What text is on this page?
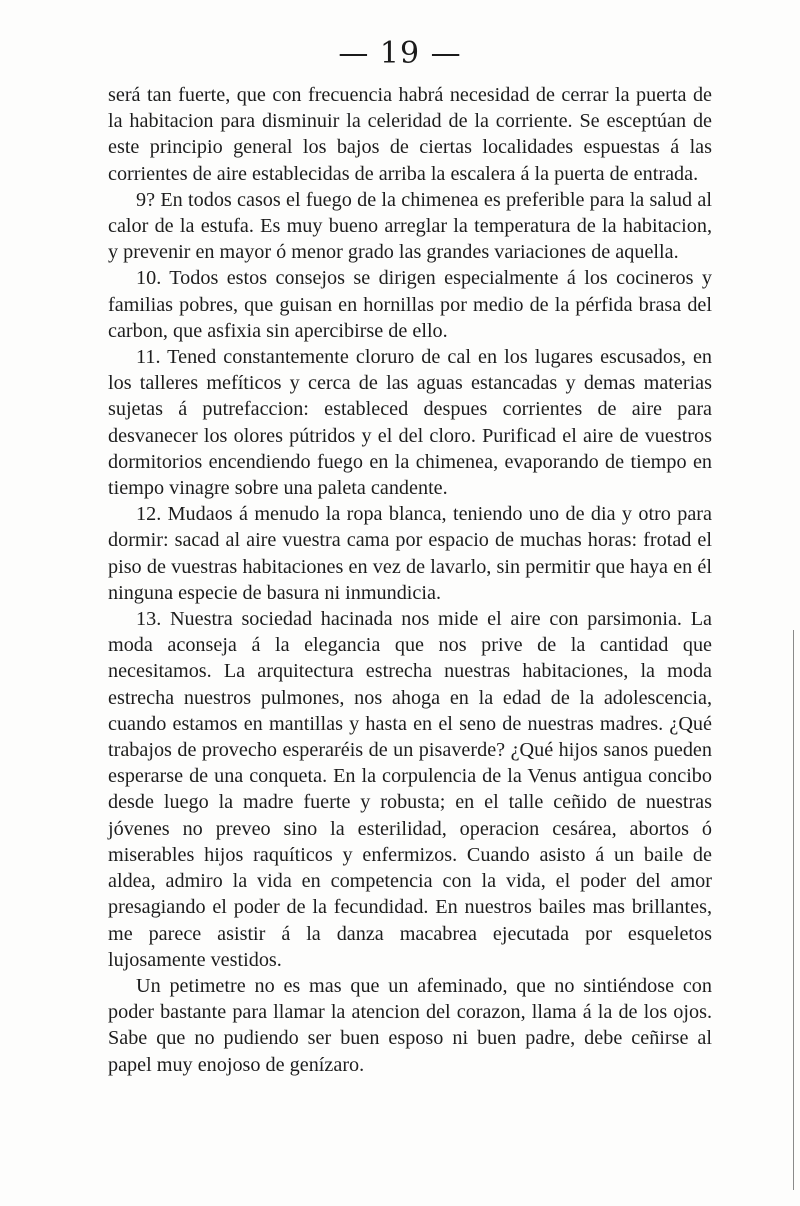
— 19 —

será tan fuerte, que con frecuencia habrá necesidad de cerrar la puerta de la habitacion para disminuir la celeridad de la corriente. Se esceptúan de este principio general los bajos de ciertas localidades espuestas á las corrientes de aire establecidas de arriba la escalera á la puerta de entrada.

9? En todos casos el fuego de la chimenea es preferible para la salud al calor de la estufa. Es muy bueno arreglar la temperatura de la habitacion, y prevenir en mayor ó menor grado las grandes variaciones de aquella.

10. Todos estos consejos se dirigen especialmente á los cocineros y familias pobres, que guisan en hornillas por medio de la pérfida brasa del carbon, que asfixia sin apercibirse de ello.

11. Tened constantemente cloruro de cal en los lugares escusados, en los talleres mefíticos y cerca de las aguas estancadas y demas materias sujetas á putrefaccion: estableced despues corrientes de aire para desvanecer los olores pútridos y el del cloro. Purificad el aire de vuestros dormitorios encendiendo fuego en la chimenea, evaporando de tiempo en tiempo vinagre sobre una paleta candente.

12. Mudaos á menudo la ropa blanca, teniendo uno de dia y otro para dormir: sacad al aire vuestra cama por espacio de muchas horas: frotad el piso de vuestras habitaciones en vez de lavarlo, sin permitir que haya en él ninguna especie de basura ni inmundicia.

13. Nuestra sociedad hacinada nos mide el aire con parsimonia. La moda aconseja á la elegancia que nos prive de la cantidad que necesitamos. La arquitectura estrecha nuestras habitaciones, la moda estrecha nuestros pulmones, nos ahoga en la edad de la adolescencia, cuando estamos en mantillas y hasta en el seno de nuestras madres. ¿Qué trabajos de provecho esperaréis de un pisaverde? ¿Qué hijos sanos pueden esperarse de una conqueta. En la corpulencia de la Venus antigua concibo desde luego la madre fuerte y robusta; en el talle ceñido de nuestras jóvenes no preveo sino la esterilidad, operacion cesárea, abortos ó miserables hijos raquíticos y enfermizos. Cuando asisto á un baile de aldea, admiro la vida en competencia con la vida, el poder del amor presagiando el poder de la fecundidad. En nuestros bailes mas brillantes, me parece asistir á la danza macabrea ejecutada por esqueletos lujosamente vestidos.

Un petimetre no es mas que un afeminado, que no sintiéndose con poder bastante para llamar la atencion del corazon, llama á la de los ojos. Sabe que no pudiendo ser buen esposo ni buen padre, debe ceñirse al papel muy enojoso de genízaro.
